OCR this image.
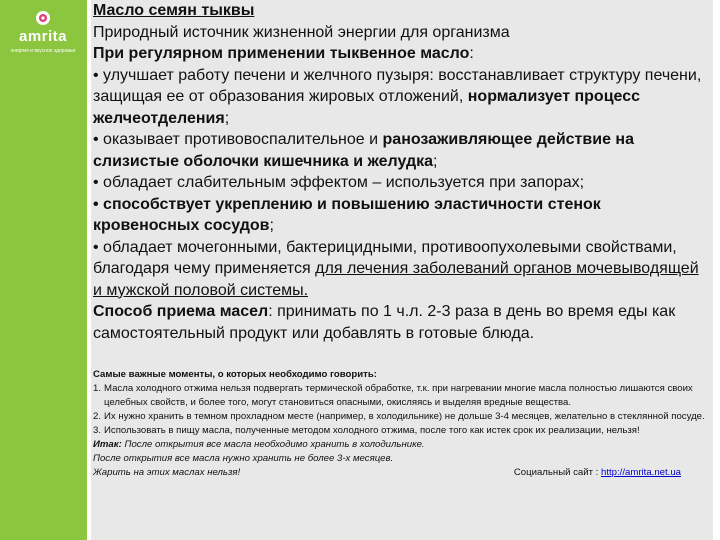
amrita
энергия и вкусное здоровье

Масло семян тыквы

Природный источник жизненной энергии для организма

При регулярном применении тыквенное масло:

• улучшает работу печени и желчного пузыря: восстанавливает структуру печени, защищая ее от образования жировых отложений, нормализует процесс желчеотделения;

• оказывает противовоспалительное и ранозаживляющее действие на слизистые оболочки кишечника и желудка;

• обладает слабительным эффектом – используется при запорах;

• способствует укреплению и повышению эластичности стенок кровеносных сосудов;

• обладает мочегонными, бактерицидными, противоопухолевыми свойствами, благодаря чему применяется для лечения заболеваний органов мочевыводящей и мужской половой системы.

Способ приема масел: принимать по 1 ч.л. 2-3 раза в день во время еды как самостоятельный продукт или добавлять в готовые блюда.

Самые важные моменты, о которых необходимо говорить:

1. Масла холодного отжима нельзя подвергать термической обработке, т.к. при нагревании многие масла полностью лишаются своих целебных свойств, и более того, могут становиться опасными, окисляясь и выделяя вредные вещества.
2. Их нужно хранить в темном прохладном месте (например, в холодильнике) не дольше 3-4 месяцев, желательно в стеклянной посуде.
3. Использовать в пищу масла, полученные методом холодного отжима, после того как истек срок их реализации, нельзя!

Итак: После открытия все масла необходимо хранить в холодильнике.

После открытия все масла нужно хранить не более 3-х месяцев.

Жарить на этих маслах нельзя!	Социальный сайт : http://amrita.net.ua
